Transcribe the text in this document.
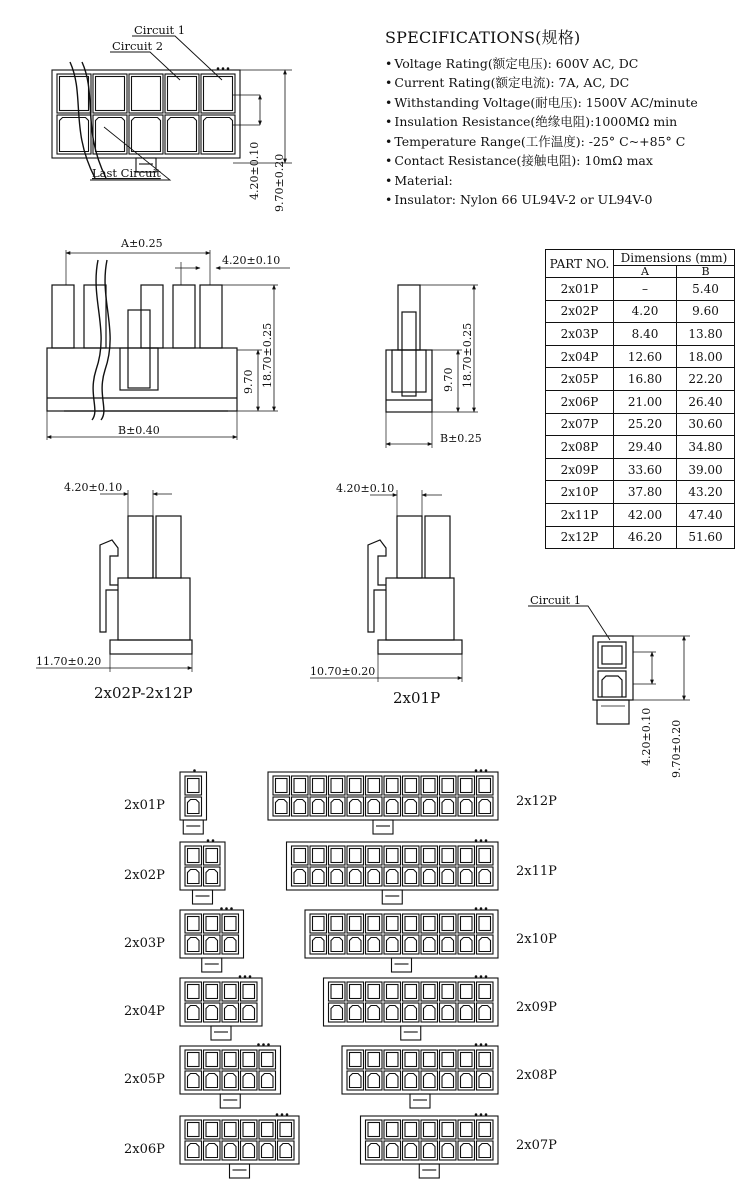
Circuit 1
Circuit 2
Last Circuit	4.20±0.10 9.70±0.20
A±0.25
4.20±0.10
B±0.40
9.70 18.70±0.25
B±0.25
9.70 18.70±0.25
4.20±0.10
11.70±0.20
2x02P-2x12P
4.20±0.10
10.70±0.20
2x01P
Circuit 1
4.20±0.10 9.70±0.20
2x01P
2x02P
2x03P
2x04P
2x05P
2x06P
2x12P
2x11P
2x10P
2x09P
2x08P
2x07P
SPECIFICATIONS(规格)
• Voltage Rating(额定电压): 600V AC, DC
• Current Rating(额定电流): 7A, AC, DC
• Withstanding Voltage(耐电压): 1500V AC/minute
• Insulation Resistance(绝缘电阻):1000MΩ min
• Temperature Range(工作温度): -25° C~+85° C
• Contact Resistance(接触电阻): 10mΩ max
• Material:
• Insulator: Nylon 66 UL94V-2 or UL94V-0
PART NO.	Dimensions (mm)	
	A	B
2x01P	–	5.40
2x02P	4.20	9.60
2x03P	8.40	13.80
2x04P	12.60	18.00
2x05P	16.80	22.20
2x06P	21.00	26.40
2x07P	25.20	30.60
2x08P	29.40	34.80
2x09P	33.60	39.00
2x10P	37.80	43.20
2x11P	42.00	47.40
2x12P	46.20	51.60
